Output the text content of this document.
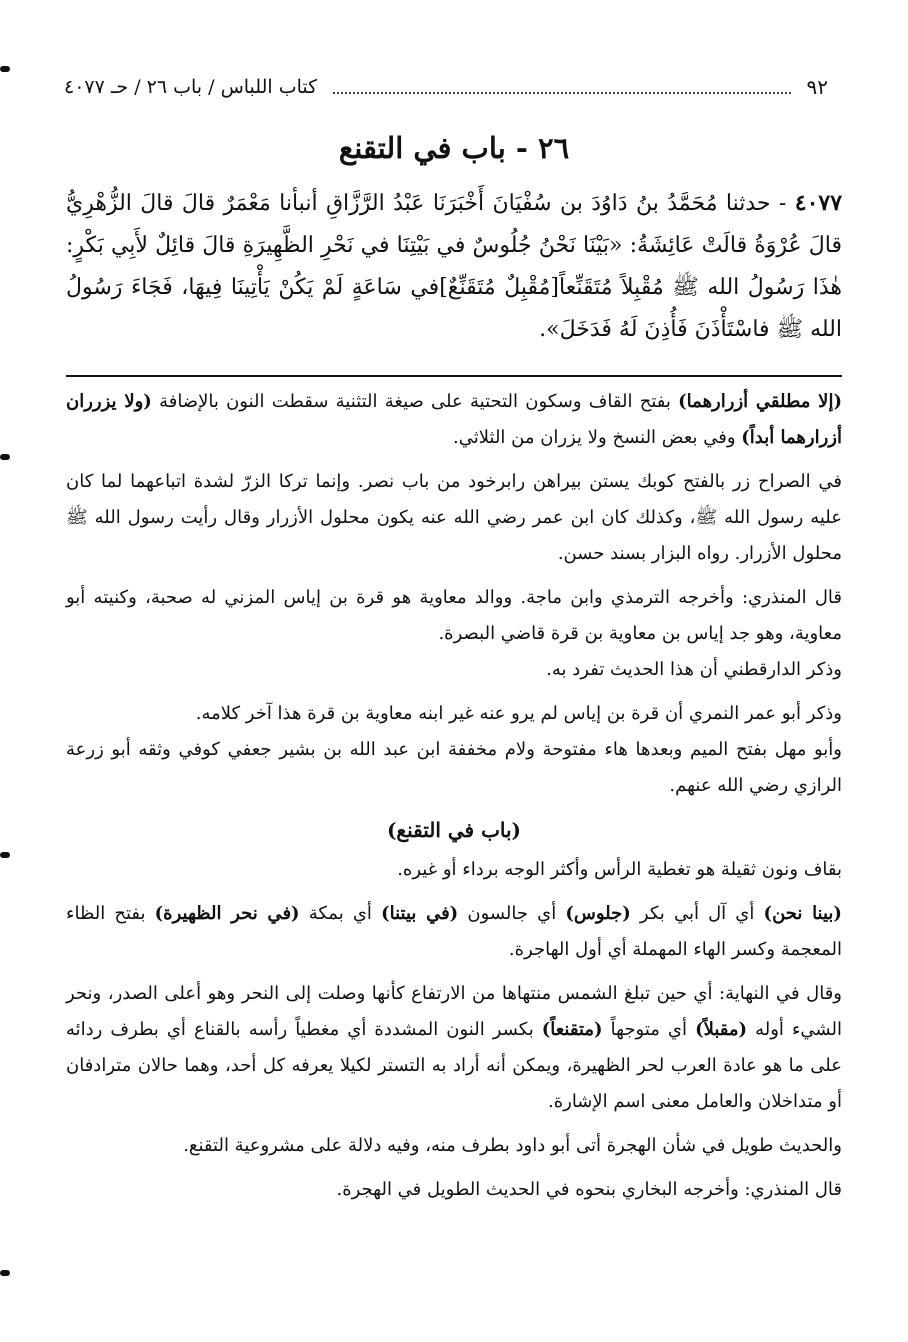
٩٢
كتاب اللباس / باب ٢٦ / حـ ٤٠٧٧
٢٦ - باب في التقنع
٤٠٧٧ - حدثنا مُحَمَّدُ بنُ دَاوُدَ بن سُفْيَانَ أَخْبَرَنَا عَبْدُ الرَّزَّاقِ أنبأنا مَعْمَرٌ قالَ قالَ الزُّهْرِيُّ قالَ عُرْوَةُ قالَتْ عَائِشَةُ: «بَيْنَا نَحْنُ جُلُوسٌ في بَيْتِنَا في نَحْرِ الظَّهِيرَةِ قالَ قائِلٌ لأَبِي بَكْرٍ: هٰذَا رَسُولُ الله ﷺ مُقْبِلاً مُتَقَنِّعاً[مُقْبِلٌ مُتَقَنِّعٌ]في سَاعَةٍ لَمْ يَكُنْ يَأْتِينَا فِيهَا، فَجَاءَ رَسُولُ الله ﷺ فاسْتَأْذَنَ فَأُذِنَ لَهُ فَدَخَلَ».

(إلا مطلقي أزرارهما) بفتح القاف وسكون التحتية على صيغة التثنية سقطت النون بالإضافة (ولا يزرران أزرارهما أبداً) وفي بعض النسخ ولا يزران من الثلاثي.

في الصراح زر بالفتح كوبك يستن بيراهن رابرخود من باب نصر. وإنما تركا الزرّ لشدة اتباعهما لما كان عليه رسول الله ﷺ، وكذلك كان ابن عمر رضي الله عنه يكون محلول الأزرار وقال رأيت رسول الله ﷺ محلول الأزرار. رواه البزار بسند حسن.

قال المنذري: وأخرجه الترمذي وابن ماجة. ووالد معاوية هو قرة بن إياس المزني له صحبة، وكنيته أبو معاوية، وهو جد إياس بن معاوية بن قرة قاضي البصرة.

وذكر الدارقطني أن هذا الحديث تفرد به.

وذكر أبو عمر النمري أن قرة بن إياس لم يرو عنه غير ابنه معاوية بن قرة هذا آخر كلامه.

وأبو مهل بفتح الميم وبعدها هاء مفتوحة ولام مخففة ابن عبد الله بن بشير جعفي كوفي وثقه أبو زرعة الرازي رضي الله عنهم.

(باب في التقنع)

بقاف ونون ثقيلة هو تغطية الرأس وأكثر الوجه برداء أو غيره.

(بينا نحن) أي آل أبي بكر (جلوس) أي جالسون (في بيتنا) أي بمكة (في نحر الظهيرة) بفتح الظاء المعجمة وكسر الهاء المهملة أي أول الهاجرة.

وقال في النهاية: أي حين تبلغ الشمس منتهاها من الارتفاع كأنها وصلت إلى النحر وهو أعلى الصدر، ونحر الشيء أوله (مقبلاً) أي متوجهاً (متقنعاً) بكسر النون المشددة أي مغطياً رأسه بالقناع أي بطرف ردائه على ما هو عادة العرب لحر الظهيرة، ويمكن أنه أراد به التستر لكيلا يعرفه كل أحد، وهما حالان مترادفان أو متداخلان والعامل معنى اسم الإشارة.

والحديث طويل في شأن الهجرة أتى أبو داود بطرف منه، وفيه دلالة على مشروعية التقنع.

قال المنذري: وأخرجه البخاري بنحوه في الحديث الطويل في الهجرة.
